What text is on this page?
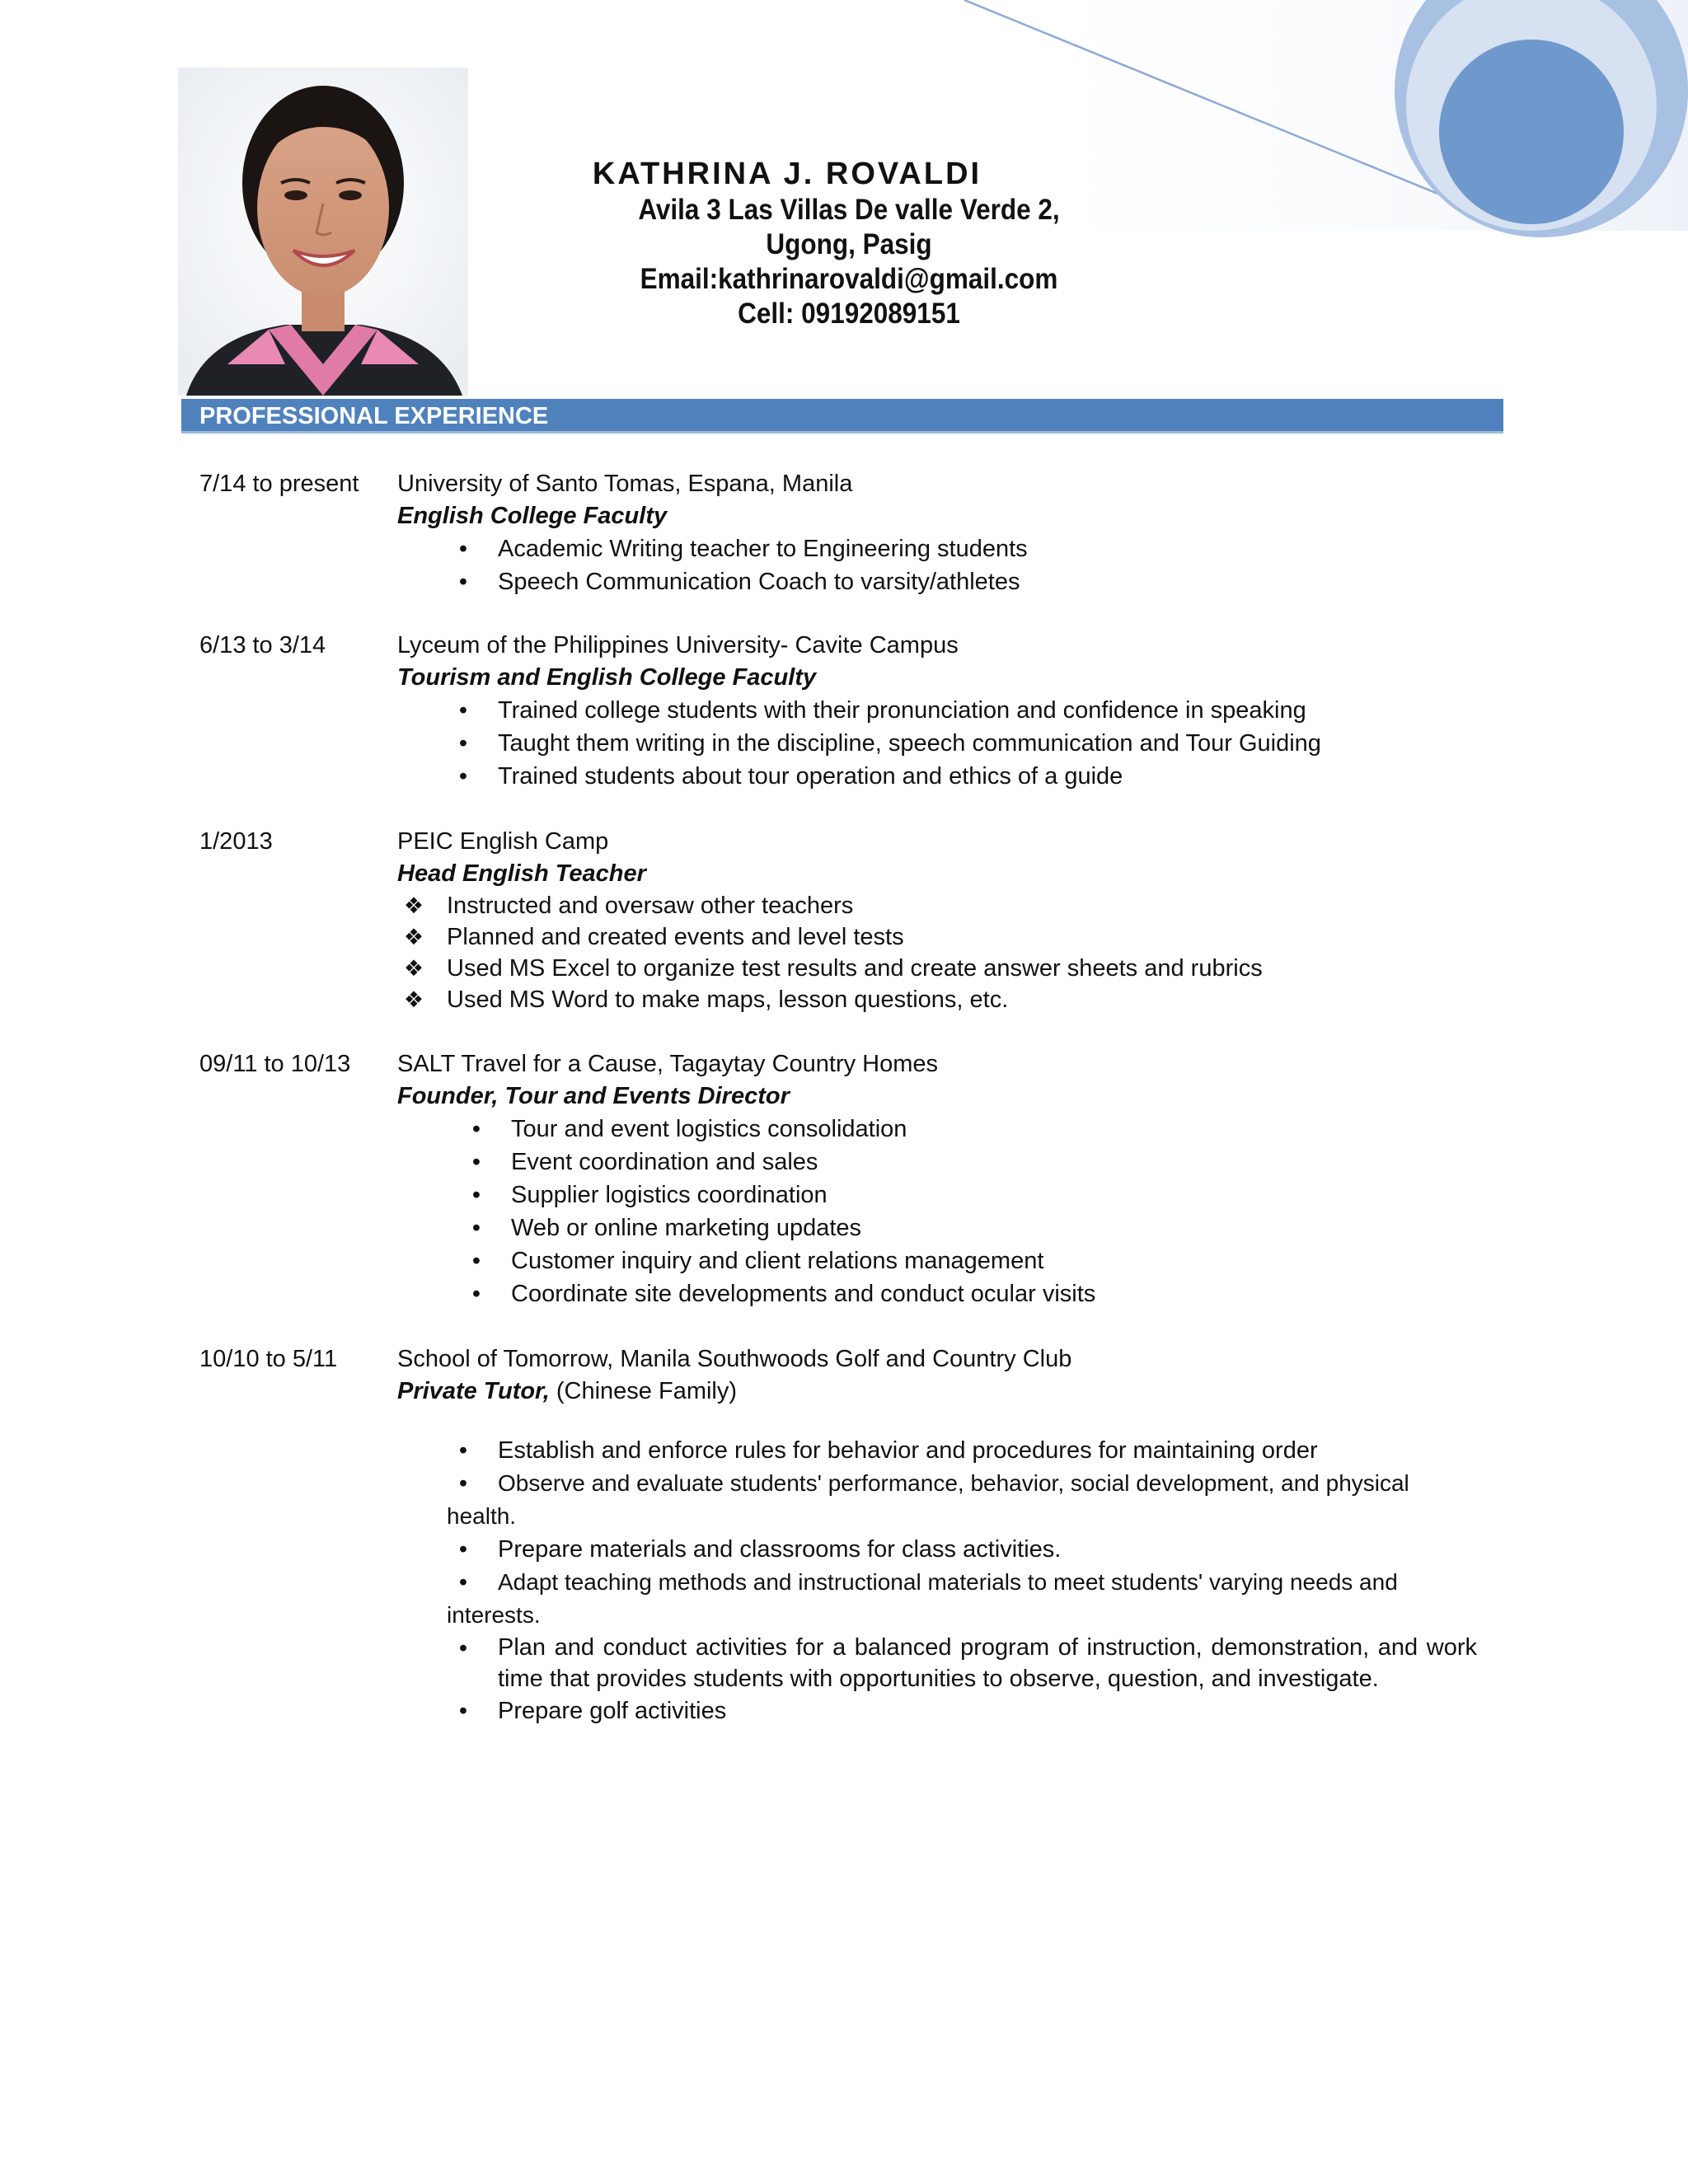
KATHRINA J. ROVALDI
Avila 3 Las Villas De valle Verde 2,
Ugong, Pasig
Email:kathrinarovaldi@gmail.com
Cell: 09192089151
PROFESSIONAL EXPERIENCE
7/14 to present	University of Santo Tomas, Espana, Manila
English College Faculty
•	Academic Writing teacher to Engineering students
•	Speech Communication Coach to varsity/athletes
6/13 to 3/14	Lyceum of the Philippines University- Cavite Campus
Tourism and English College Faculty
•	Trained college students with their pronunciation and confidence in speaking
•	Taught them writing in the discipline, speech communication and Tour Guiding
•	Trained students about tour operation and ethics of a guide
1/2013	PEIC English Camp
Head English Teacher
❖ Instructed and oversaw other teachers
❖ Planned and created events and level tests
❖ Used MS Excel to organize test results and create answer sheets and rubrics
❖ Used MS Word to make maps, lesson questions, etc.
09/11 to 10/13	SALT Travel for a Cause, Tagaytay Country Homes
Founder, Tour and Events Director
•	Tour and event logistics consolidation
•	Event coordination and sales
•	Supplier logistics coordination
•	Web or online marketing updates
•	Customer inquiry and client relations management
•	Coordinate site developments and conduct ocular visits
10/10 to 5/11	School of Tomorrow, Manila Southwoods Golf and Country Club
Private Tutor, (Chinese Family)
•	Establish and enforce rules for behavior and procedures for maintaining order
•	Observe and evaluate students' performance, behavior, social development, and physical health.
•	Prepare materials and classrooms for class activities.
•	Adapt teaching methods and instructional materials to meet students' varying needs and interests.
•	Plan and conduct activities for a balanced program of instruction, demonstration, and work time that provides students with opportunities to observe, question, and investigate.
•	Prepare golf activities
